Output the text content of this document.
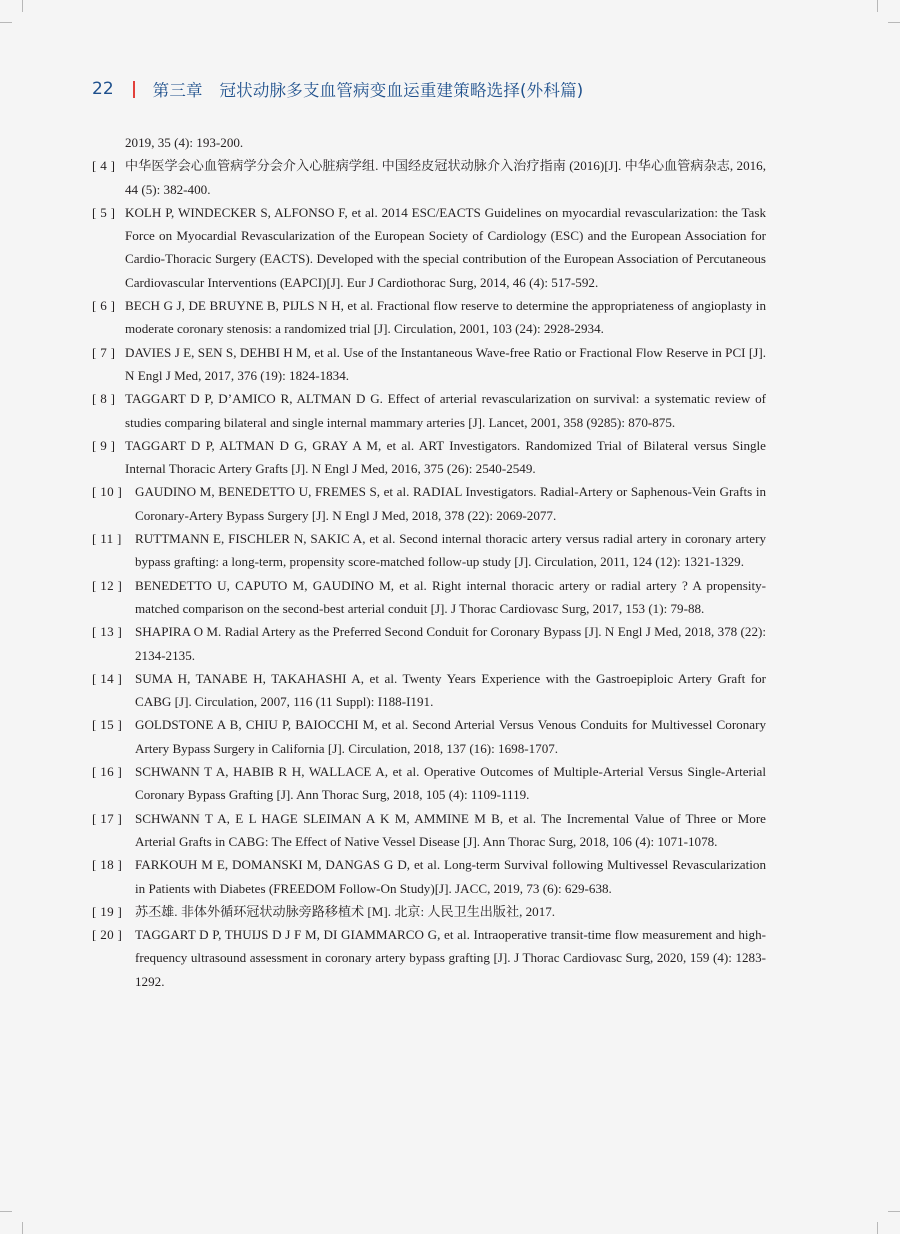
22 第三章　冠状动脉多支血管病变血运重建策略选择(外科篇)
2019, 35 (4): 193-200.
[ 4 ] 中华医学会心血管病学分会介入心脏病学组. 中国经皮冠状动脉介入治疗指南 (2016)[J]. 中华心血管病杂志, 2016, 44 (5): 382-400.
[ 5 ] KOLH P, WINDECKER S, ALFONSO F, et al. 2014 ESC/EACTS Guidelines on myocardial revascularization: the Task Force on Myocardial Revascularization of the European Society of Cardiology (ESC) and the European Association for Cardio-Thoracic Surgery (EACTS). Developed with the special contribution of the European Association of Percutaneous Cardiovascular Interventions (EAPCI)[J]. Eur J Cardiothorac Surg, 2014, 46 (4): 517-592.
[ 6 ] BECH G J, DE BRUYNE B, PIJLS N H, et al. Fractional flow reserve to determine the appropriateness of angioplasty in moderate coronary stenosis: a randomized trial [J]. Circulation, 2001, 103 (24): 2928-2934.
[ 7 ] DAVIES J E, SEN S, DEHBI H M, et al. Use of the Instantaneous Wave-free Ratio or Fractional Flow Reserve in PCI [J]. N Engl J Med, 2017, 376 (19): 1824-1834.
[ 8 ] TAGGART D P, D’AMICO R, ALTMAN D G. Effect of arterial revascularization on survival: a systematic review of studies comparing bilateral and single internal mammary arteries [J]. Lancet, 2001, 358 (9285): 870-875.
[ 9 ] TAGGART D P, ALTMAN D G, GRAY A M, et al. ART Investigators. Randomized Trial of Bilateral versus Single Internal Thoracic Artery Grafts [J]. N Engl J Med, 2016, 375 (26): 2540-2549.
[ 10 ] GAUDINO M, BENEDETTO U, FREMES S, et al. RADIAL Investigators. Radial-Artery or Saphenous-Vein Grafts in Coronary-Artery Bypass Surgery [J]. N Engl J Med, 2018, 378 (22): 2069-2077.
[ 11 ]	RUTTMANN E, FISCHLER N, SAKIC A, et al. Second internal thoracic artery versus radial artery in coronary artery bypass grafting: a long-term, propensity score-matched follow-up study [J]. Circulation, 2011, 124 (12): 1321-1329.
[ 12 ] BENEDETTO U, CAPUTO M, GAUDINO M, et al. Right internal thoracic artery or radial artery ? A propensity-matched comparison on the second-best arterial conduit [J]. J Thorac Cardiovasc Surg, 2017, 153 (1): 79-88.
[ 13 ] SHAPIRA O M. Radial Artery as the Preferred Second Conduit for Coronary Bypass [J]. N Engl J Med, 2018, 378 (22): 2134-2135.
[ 14 ] SUMA H, TANABE H, TAKAHASHI A, et al. Twenty Years Experience with the Gastroepiploic Artery Graft for CABG [J]. Circulation, 2007, 116 (11 Suppl): I188-I191.
[ 15 ] GOLDSTONE A B, CHIU P, BAIOCCHI M, et al. Second Arterial Versus Venous Conduits for Multivessel Coronary Artery Bypass Surgery in California [J]. Circulation, 2018, 137 (16): 1698-1707.
[ 16 ] SCHWANN T A, HABIB R H, WALLACE A, et al. Operative Outcomes of Multiple-Arterial Versus Single-Arterial Coronary Bypass Grafting [J]. Ann Thorac Surg, 2018, 105 (4): 1109-1119.
[ 17 ] SCHWANN T A, E L HAGE SLEIMAN A K M, AMMINE M B, et al. The Incremental Value of Three or More Arterial Grafts in CABG: The Effect of Native Vessel Disease [J]. Ann Thorac Surg, 2018, 106 (4): 1071-1078.
[ 18 ] FARKOUH M E, DOMANSKI M, DANGAS G D, et al. Long-term Survival following Multivessel Revascularization in Patients with Diabetes (FREEDOM Follow-On Study)[J]. JACC, 2019, 73 (6): 629-638.
[ 19 ] 苏丕雄. 非体外循环冠状动脉旁路移植术 [M]. 北京: 人民卫生出版社, 2017.
[ 20 ] TAGGART D P, THUIJS D J F M, DI GIAMMARCO G, et al. Intraoperative transit-time flow measurement and high-frequency ultrasound assessment in coronary artery bypass grafting [J]. J Thorac Cardiovasc Surg, 2020, 159 (4): 1283-1292.
